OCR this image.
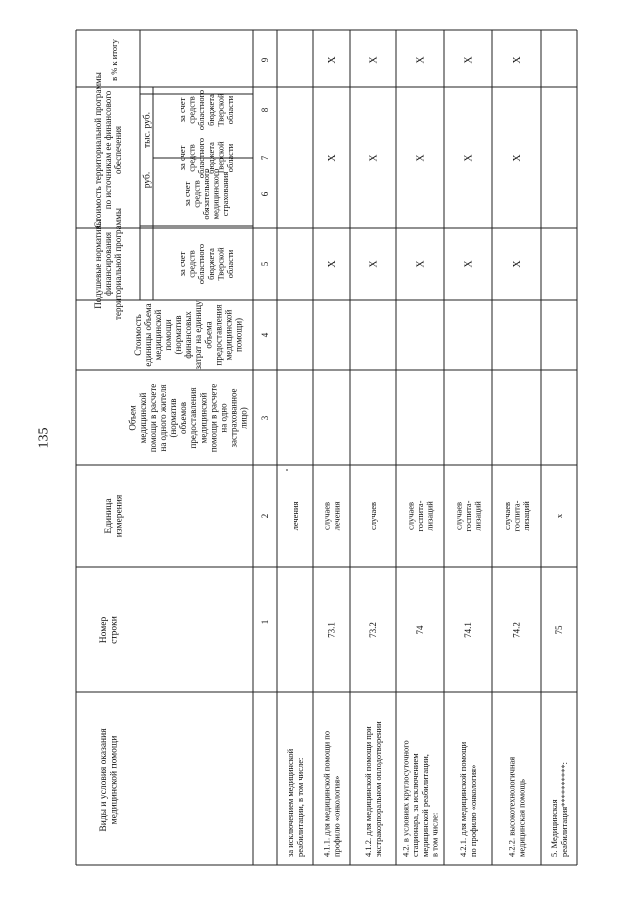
135
Виды и условия оказаниямедицинской помощи
Номерстроки
Единицаизмерения
Объеммедицинскойпомощи в расчетена одного жителя(нормативобъемовпредоставлениямедицинскойпомощи в расчетена однозастрахованноелицо)
Стоимостьединицы объемамедицинскойпомощи(нормативфинансовыхзатрат на единицуобъемапредоставлениямедицинскойпомощи)
Подушевые нормативыфинансированиятерриториальной программы
руб.
за счетсредствобластногобюджетаТверскойобласти
за счетсредствобязательногомедицинскогострахования
Стоимость территориальной программыпо источникам ее финансовогообеспечения тыс. руб.
за счетсредствобластногобюджетаТверскойобласти
за счетсредствобластногобюджетаТверскойобласти
в % к итогу
1
2
3
4
5
6
7
8
9
за исключением медицинскойреабилитации, в том числе:
лечения
4.1.1. для медицинской помощи попрофилю «онкология»
73.1
случаевлечения
X
X
X
4.1.2. для медицинской помощи приэкстракорпоральном оплодотворении
73.2
случаев
X
X
X
4.2. в условиях круглосуточногостационара, за исключениеммедицинской реабилитации,в том числе:
74
случаевгоспита-лизаций
X
X
X
4.2.1. для медицинской помощипо профилю «онкология»
74.1
случаевгоспита-лизаций
X
X
X
4.2.2. высокотехнологичнаямедицинская помощь
74.2
случаевгоспита-лизаций
X
X
X
5. Медицинскаяреабилитация**********:
75
x
